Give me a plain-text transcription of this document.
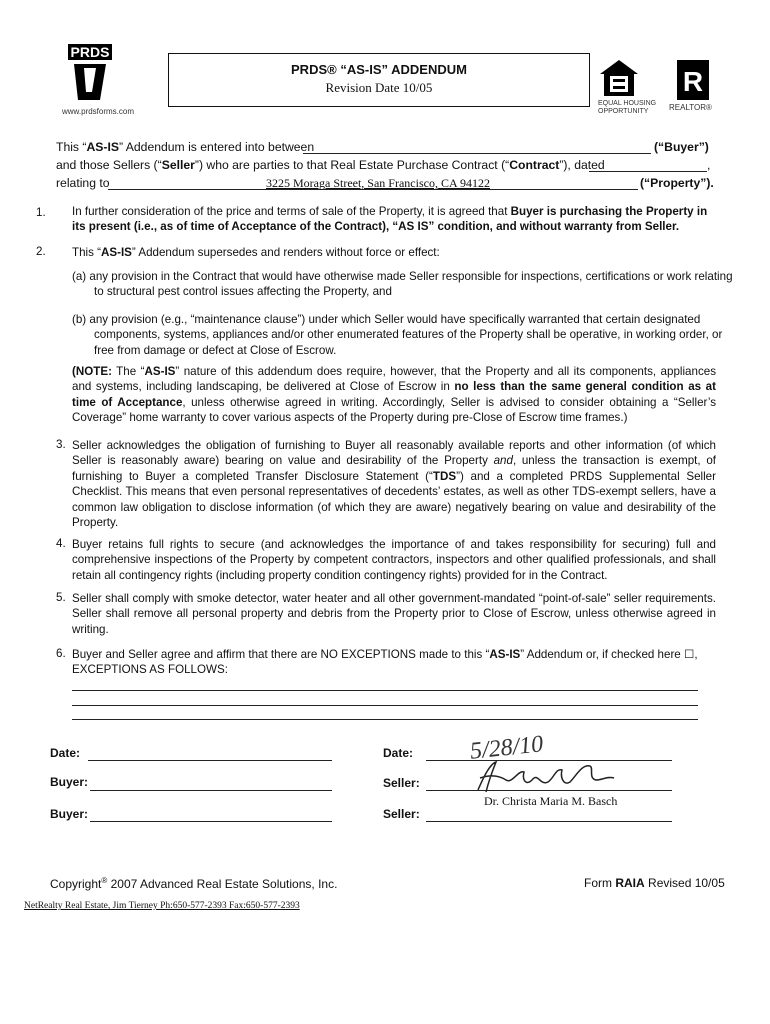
PRDS
www.prdsforms.com
PRDS® “AS-IS” ADDENDUM
Revision Date 10/05
EQUAL HOUSING
OPPORTUNITY
R
REALTOR®
This “AS-IS” Addendum is entered into between	(“Buyer”)
and those Sellers (“Seller”) who are parties to that Real Estate Purchase Contract (“Contract”), dated	,
relating to	3225 Moraga Street, San Francisco, CA 94122	(“Property”).
1. In further consideration of the price and terms of sale of the Property, it is agreed that Buyer is purchasing the Property in its present (i.e., as of time of Acceptance of the Contract), “AS IS” condition, and without warranty from Seller.
2. This “AS-IS” Addendum supersedes and renders without force or effect:
(a) any provision in the Contract that would have otherwise made Seller responsible for inspections, certifications or work relating to structural pest control issues affecting the Property, and
(b) any provision (e.g., “maintenance clause”) under which Seller would have specifically warranted that certain designated components, systems, appliances and/or other enumerated features of the Property shall be operative, in working order, or free from damage or defect at Close of Escrow.
(NOTE: The “AS-IS” nature of this addendum does require, however, that the Property and all its components, appliances and systems, including landscaping, be delivered at Close of Escrow in no less than the same general condition as at time of Acceptance, unless otherwise agreed in writing. Accordingly, Seller is advised to consider obtaining a “Seller’s Coverage” home warranty to cover various aspects of the Property during pre-Close of Escrow time frames.)
3. Seller acknowledges the obligation of furnishing to Buyer all reasonably available reports and other information (of which Seller is reasonably aware) bearing on value and desirability of the Property and, unless the transaction is exempt, of furnishing to Buyer a completed Transfer Disclosure Statement (“TDS”) and a completed PRDS Supplemental Seller Checklist. This means that even personal representatives of decedents’ estates, as well as other TDS-exempt sellers, have a common law obligation to disclose information (of which they are aware) negatively bearing on value and desirability of the Property.
4. Buyer retains full rights to secure (and acknowledges the importance of and takes responsibility for securing) full and comprehensive inspections of the Property by competent contractors, inspectors and other qualified professionals, and shall retain all contingency rights (including property condition contingency rights) provided for in the Contract.
5. Seller shall comply with smoke detector, water heater and all other government-mandated “point-of-sale” seller requirements. Seller shall remove all personal property and debris from the Property prior to Close of Escrow, unless otherwise agreed in writing.
6. Buyer and Seller agree and affirm that there are NO EXCEPTIONS made to this “AS-IS” Addendum or, if checked here ☐, EXCEPTIONS AS FOLLOWS:
Date:	Date: 5/28/10
Buyer:	Seller:
Dr. Christa Maria M. Basch
Buyer:	Seller:
Copyright® 2007 Advanced Real Estate Solutions, Inc.	Form RAIA Revised 10/05
NetRealty Real Estate, Jim Tierney Ph:650-577-2393 Fax:650-577-2393
